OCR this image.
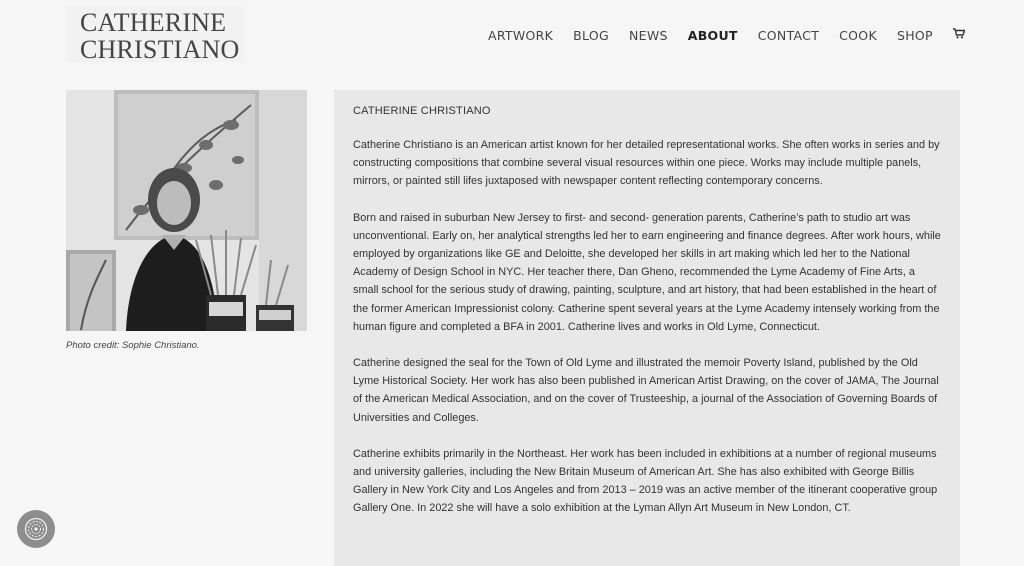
CATHERINE
CHRISTIANO	ARTWORK BLOG NEWS ABOUT CONTACT COOK SHOP
Photo credit: Sophie Christiano.
CATHERINE CHRISTIANO

Catherine Christiano is an American artist known for her detailed representational works. She often works in series and by constructing compositions that combine several visual resources within one piece. Works may include multiple panels, mirrors, or painted still lifes juxtaposed with newspaper content reflecting contemporary concerns.

Born and raised in suburban New Jersey to first- and second- generation parents, Catherine’s path to studio art was unconventional. Early on, her analytical strengths led her to earn engineering and finance degrees. After work hours, while employed by organizations like GE and Deloitte, she developed her skills in art making which led her to the National Academy of Design School in NYC. Her teacher there, Dan Gheno, recommended the Lyme Academy of Fine Arts, a small school for the serious study of drawing, painting, sculpture, and art history, that had been established in the heart of the former American Impressionist colony. Catherine spent several years at the Lyme Academy intensely working from the human figure and completed a BFA in 2001. Catherine lives and works in Old Lyme, Connecticut.

Catherine designed the seal for the Town of Old Lyme and illustrated the memoir Poverty Island, published by the Old Lyme Historical Society. Her work has also been published in American Artist Drawing, on the cover of JAMA, The Journal of the American Medical Association, and on the cover of Trusteeship, a journal of the Association of Governing Boards of Universities and Colleges.

Catherine exhibits primarily in the Northeast. Her work has been included in exhibitions at a number of regional museums and university galleries, including the New Britain Museum of American Art. She has also exhibited with George Billis Gallery in New York City and Los Angeles and from 2013 – 2019 was an active member of the itinerant cooperative group Gallery One. In 2022 she will have a solo exhibition at the Lyman Allyn Art Museum in New London, CT.
